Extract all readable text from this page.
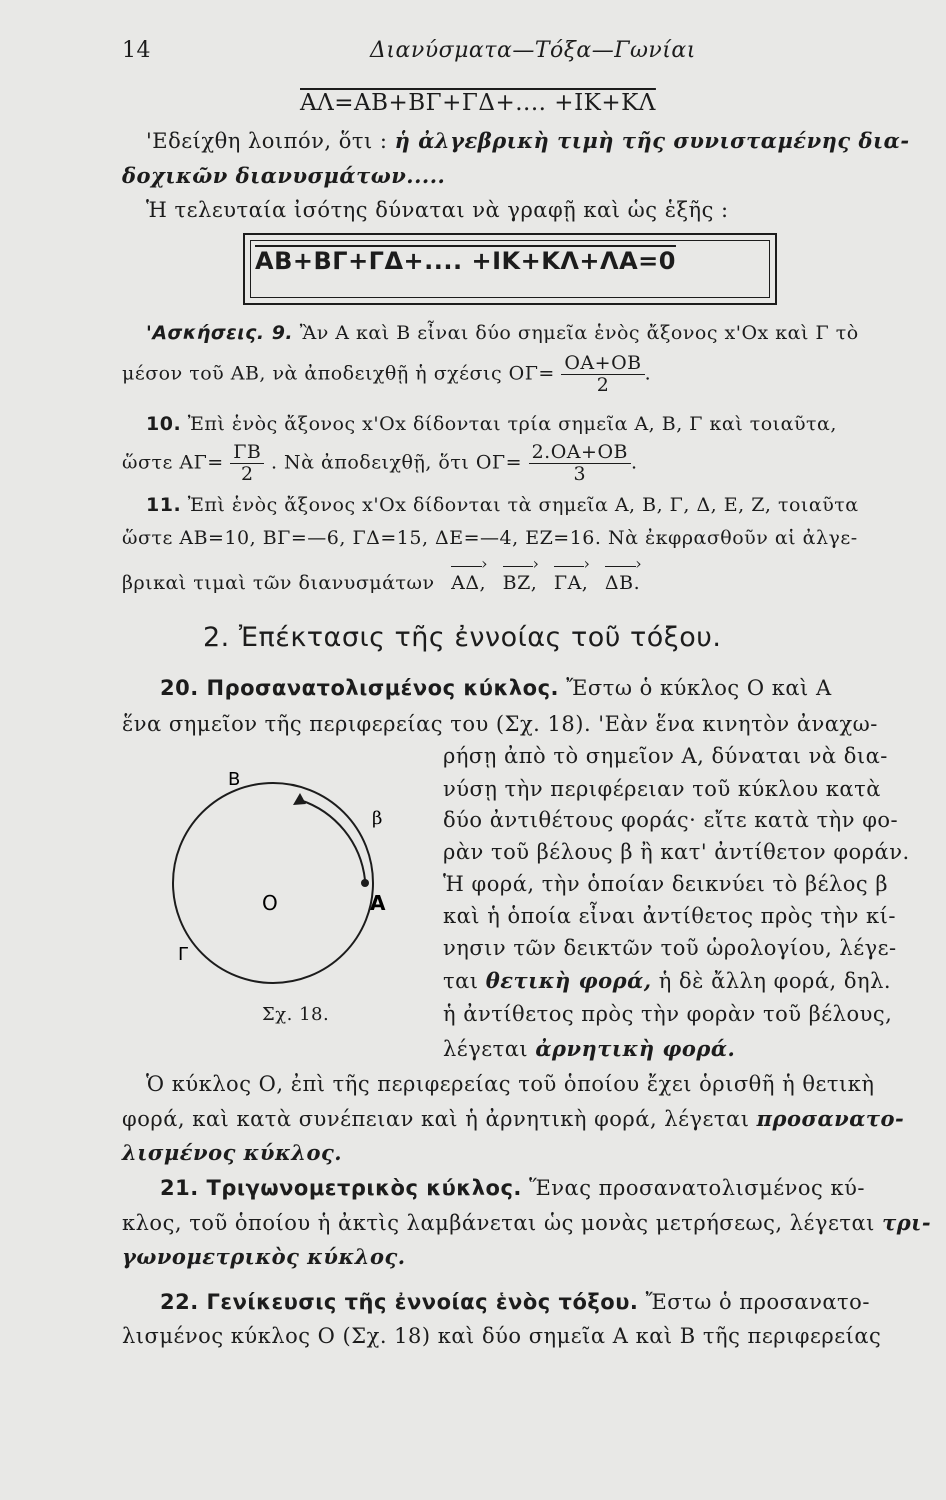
14	Διανύσματα—Τόξα—Γωνίαι
ΑΛ=ΑΒ+ΒΓ+ΓΔ+.... +ΙΚ+ΚΛ
'Εδείχθη λοιπόν, ὅτι : ἡ ἀλγεβρικὴ τιμὴ τῆς συνισταμένης δια-
δοχικῶν διανυσμάτων.....
Ἡ τελευταία ἰσότης δύναται νὰ γραφῇ καὶ ὡς ἑξῆς :
ΑΒ+ΒΓ+ΓΔ+.... +ΙΚ+ΚΛ+ΛΑ=0
'Ασκήσεις. 9. Ἂν Α καὶ Β εἶναι δύο σημεῖα ἑνὸς ἄξονος x'Ox καὶ Γ τὸ
μέσον τοῦ ΑΒ, νὰ ἀποδειχθῇ ἡ σχέσις $O\Gamma= \frac{OA+OB}{2}$ .
10. Ἐπὶ ἑνὸς ἄξονος x'Ox δίδονται τρία σημεῖα Α, Β, Γ καὶ τοιαῦτα,
ὥστε $A\Gamma= \frac{\Gamma B}{2}$ . Νὰ ἀποδειχθῇ, ὅτι $O\Gamma= \frac{2.OA+OB}{3}$ .
11. Ἐπὶ ἑνὸς ἄξονος x'Ox δίδονται τὰ σημεῖα Α, Β, Γ, Δ, Ε, Ζ, τοιαῦτα
ὥστε ΑΒ=10, ΒΓ=—6, ΓΔ=15, ΔΕ=—4, ΕΖ=16. Νὰ ἐκφρασθοῦν αἱ ἀλγε-
βρικαὶ τιμαὶ τῶν διανυσμάτων ΑΔ, › ΒΖ, › ΓΑ, › ΔΒ. ›
2. Ἐπέκτασις τῆς ἐννοίας τοῦ τόξου.
20. Προσανατολισμένος κύκλος. Ἔστω ὁ κύκλος Ο καὶ Α
ἕνα σημεῖον τῆς περιφερείας του (Σχ. 18). 'Εὰν ἕνα κινητὸν ἀναχω-
ρήσῃ ἀπὸ τὸ σημεῖον Α, δύναται νὰ δια-
νύσῃ τὴν περιφέρειαν τοῦ κύκλου κατὰ
δύο ἀντιθέτους φοράς· εἴτε κατὰ τὴν φο-
ρὰν τοῦ βέλους β ἢ κατ' ἀντίθετον φοράν.
Ἡ φορά, τὴν ὁποίαν δεικνύει τὸ βέλος β
καὶ ἡ ὁποία εἶναι ἀντίθετος πρὸς τὴν κί-
νησιν τῶν δεικτῶν τοῦ ὡρολογίου, λέγε-
ται θετικὴ φορά, ἡ δὲ ἄλλη φορά, δηλ.
ἡ ἀντίθετος πρὸς τὴν φορὰν τοῦ βέλους,
λέγεται ἀρνητικὴ φορά.
B
β
O	A
Γ
Σχ. 18.
Ὁ κύκλος Ο, ἐπὶ τῆς περιφερείας τοῦ ὁποίου ἔχει ὁρισθῆ ἡ θετικὴ
φορά, καὶ κατὰ συνέπειαν καὶ ἡ ἀρνητικὴ φορά, λέγεται προσανατο-
λισμένος κύκλος.
21. Τριγωνομετρικὸς κύκλος. Ἕνας προσανατολισμένος κύ-
κλος, τοῦ ὁποίου ἡ ἀκτὶς λαμβάνεται ὡς μονὰς μετρήσεως, λέγεται τρι-
γωνομετρικὸς κύκλος.
22. Γενίκευσις τῆς ἐννοίας ἑνὸς τόξου. Ἔστω ὁ προσανατο-
λισμένος κύκλος Ο (Σχ. 18) καὶ δύο σημεῖα Α καὶ Β τῆς περιφερείας
